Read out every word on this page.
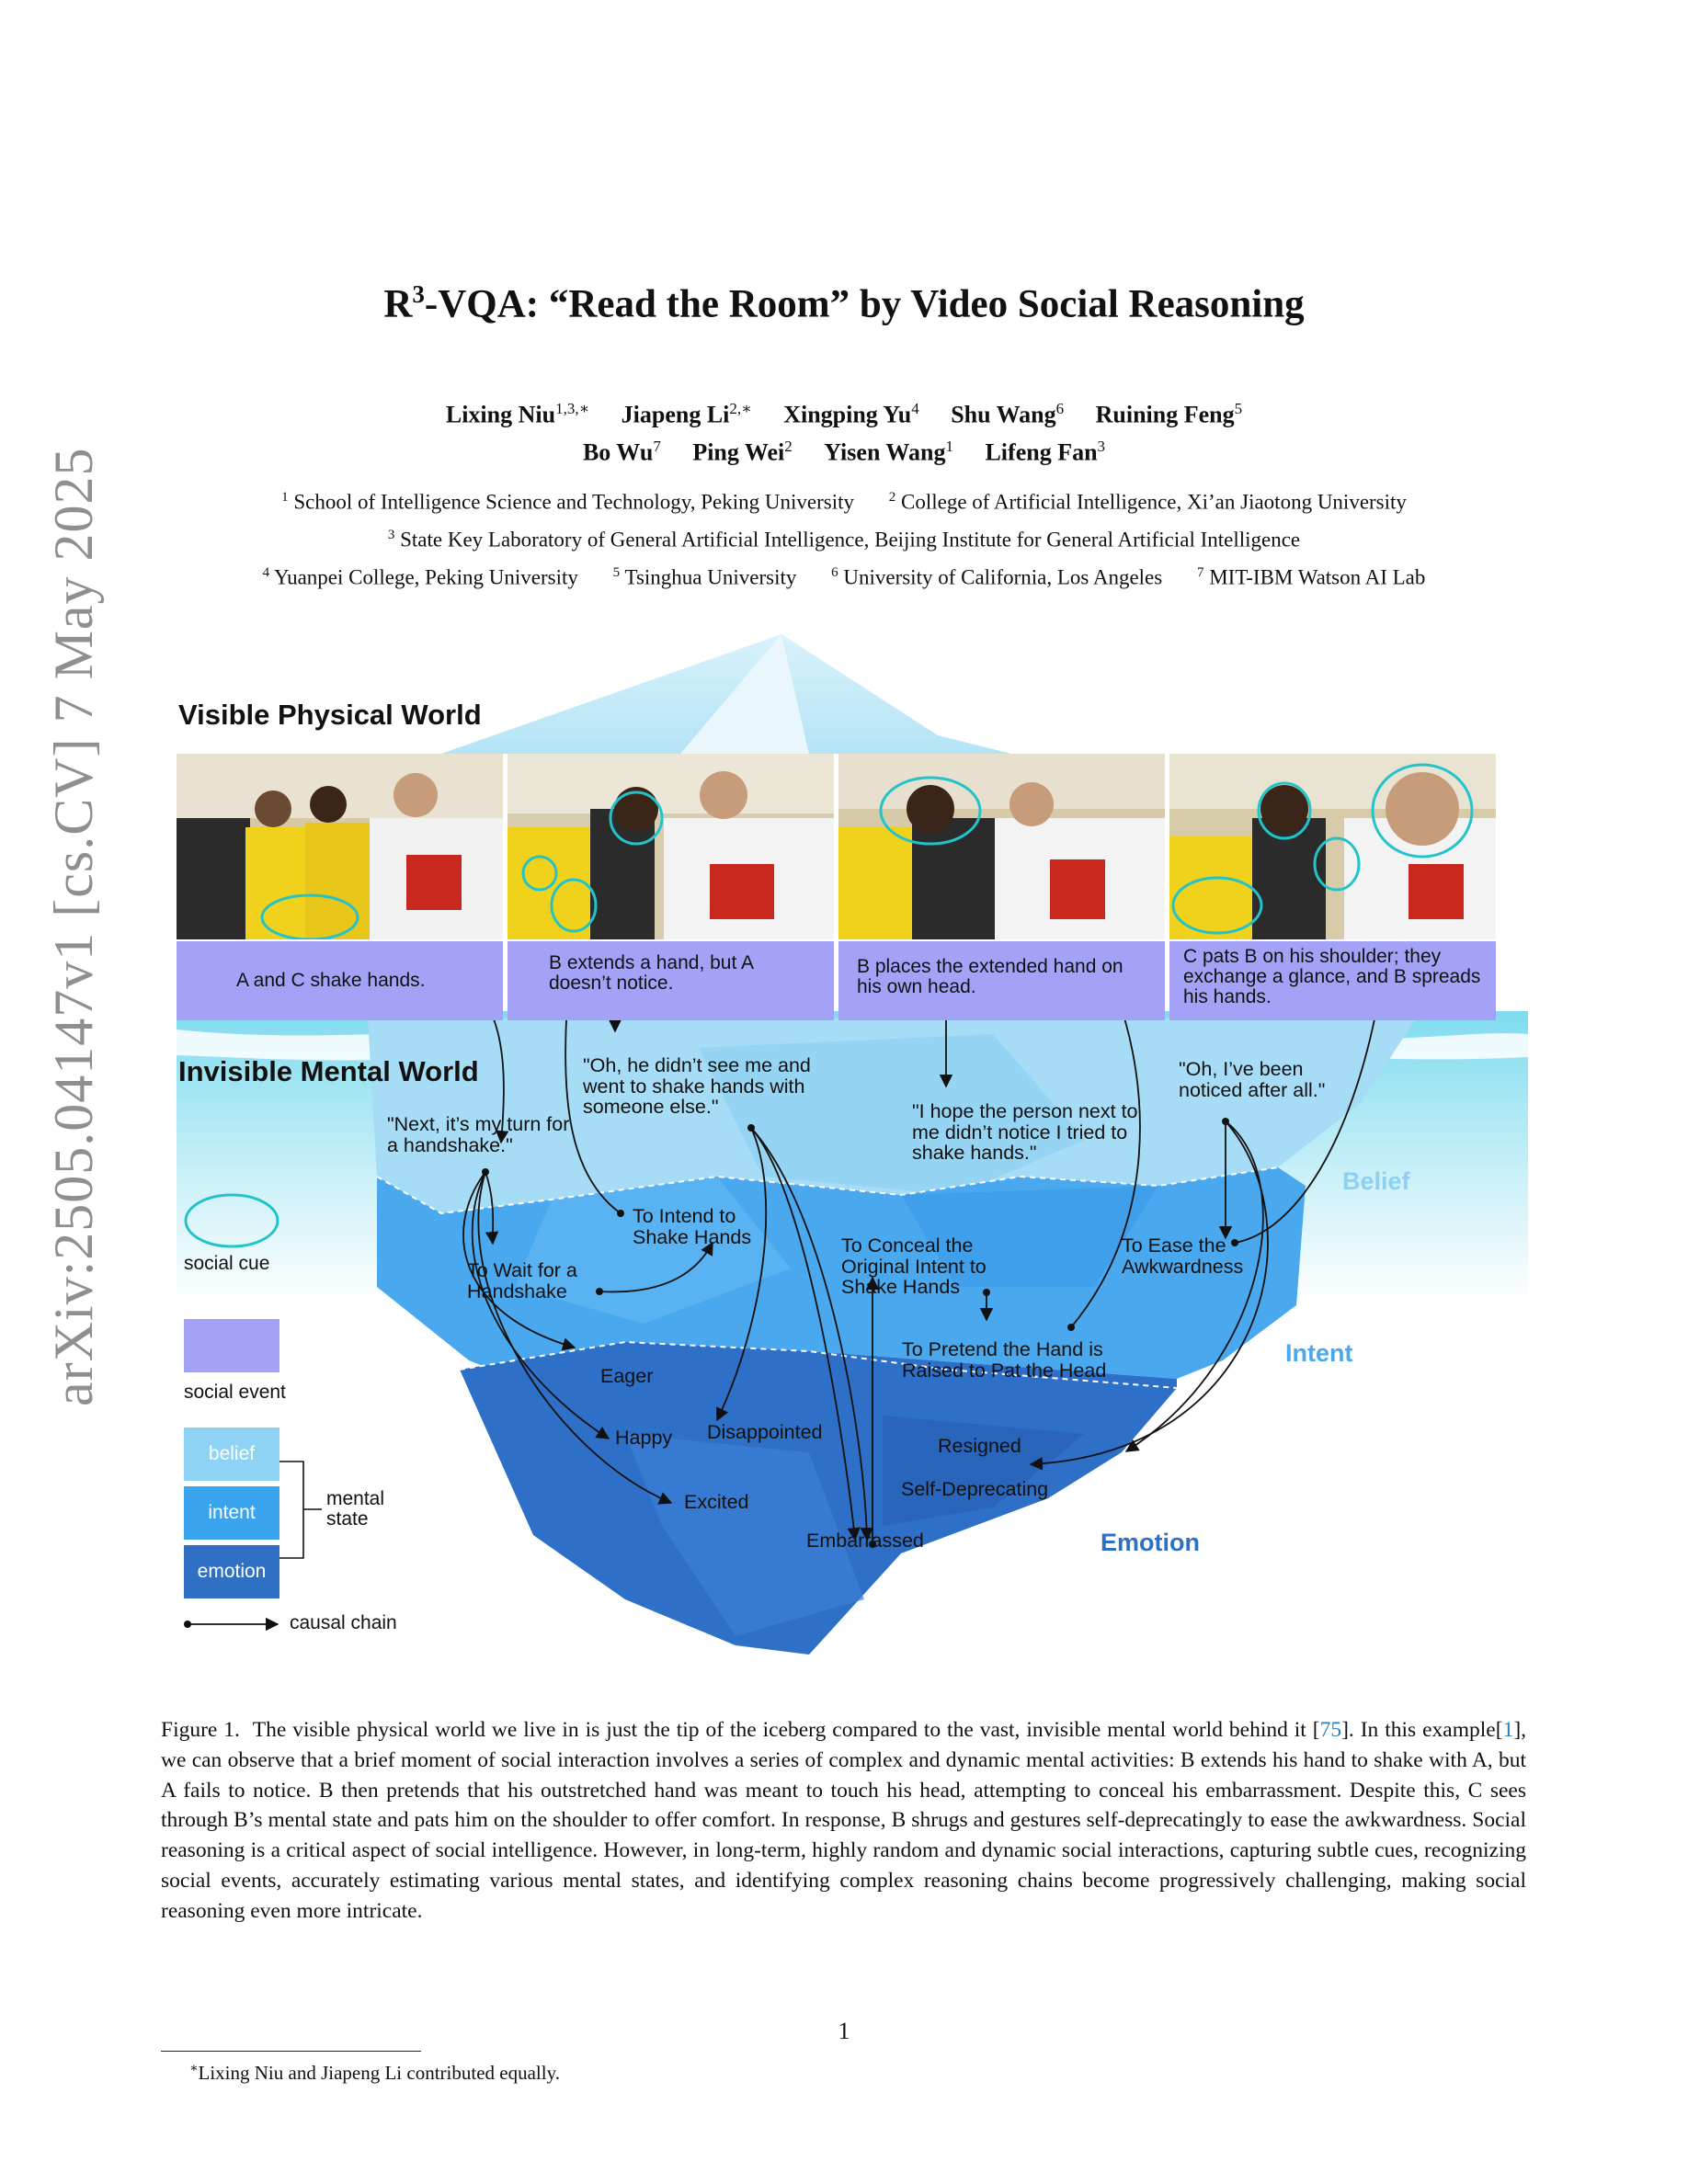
arXiv:2505.04147v1 [cs.CV] 7 May 2025
$R^3$-VQA: “Read the Room” by Video Social Reasoning
Lixing Niu$^{1,3,∗}$ Jiapeng $Li^{2,∗}$ Xingping Yu$^4$ Shu Wang$^6$ Ruining Feng$^5$
Bo Wu$^7$ Ping Wei$^2$ Yisen Wang$^1$ Lifeng Fan$^3$
$^1$ School of Intelligence Science and Technology, Peking University	$^2$ College of Artificial Intelligence, Xi’an Jiaotong University
$^3$ State Key Laboratory of General Artificial Intelligence, Beijing Institute for General Artificial Intelligence
$^4$ Yuanpei College, Peking University	$^5$ Tsinghua University	$^6$ University of California, Los Angeles	$^7$ MIT-IBM Watson AI Lab
Visible Physical World
A and C shake hands.
B extends a hand, but A doesn’t notice.
B places the extended hand on his own head.
C pats B on his shoulder; they exchange a glance, and B spreads his hands.
Invisible Mental World
"Next, it’s my turn for a handshake."
"Oh, he didn’t see me and went to shake hands with someone else."	"I hope the person next to me didn’t notice I tried to shake hands."
"Oh, I’ve been noticed after all."
To Intend to Shake Hands
To Wait for a Handshake
To Conceal the Original Intent to Shake Hands
To Pretend the Hand is Raised to Pat the Head
To Ease the Awkwardness
Eager
Happy Disappointed
Excited
Embarrassed
Resigned
Self-Deprecating
Belief
Intent
Emotion
social cue
social event
belief
intent
emotion
mental state
causal chain
Figure 1. The visible physical world we live in is just the tip of the iceberg compared to the vast, invisible mental world behind it [75]. In this example[1], we can observe that a brief moment of social interaction involves a series of complex and dynamic mental activities: B extends his hand to shake with A, but A fails to notice. B then pretends that his outstretched hand was meant to touch his head, attempting to conceal his embarrassment. Despite this, C sees through B’s mental state and pats him on the shoulder to offer comfort. In response, B shrugs and gestures self-deprecatingly to ease the awkwardness. Social reasoning is a critical aspect of social intelligence. However, in long-term, highly random and dynamic social interactions, capturing subtle cues, recognizing social events, accurately estimating various mental states, and identifying complex reasoning chains become progressively challenging, making social reasoning even more intricate.
1
∗Lixing Niu and Jiapeng Li contributed equally.
